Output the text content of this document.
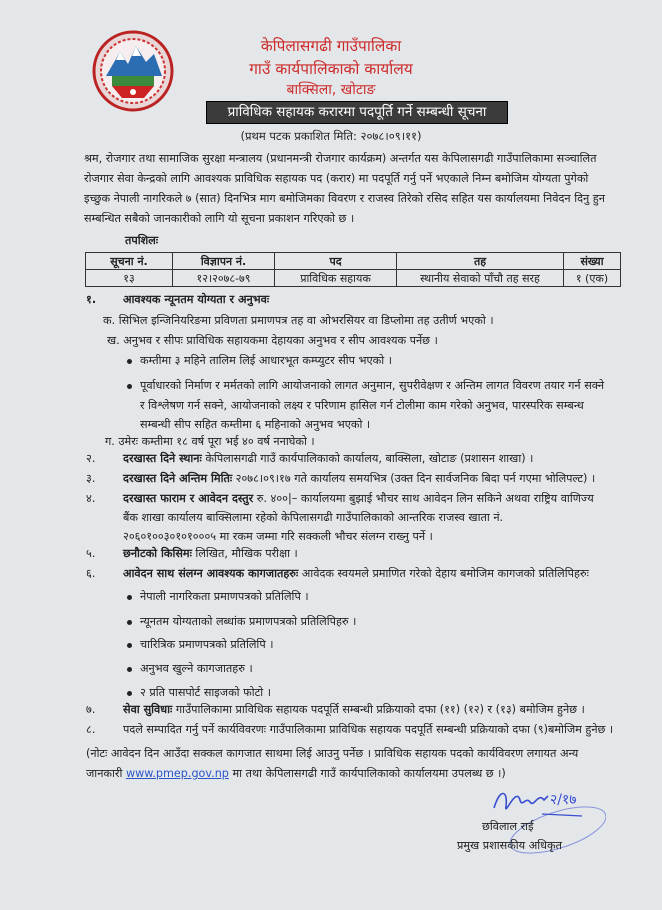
केपिलासगढी गाउँपालिका
गाउँ कार्यपालिकाको कार्यालय
बाक्सिला, खोटाङ
प्राविधिक सहायक करारमा पदपूर्ति गर्ने सम्बन्धी सूचना
(प्रथम पटक प्रकाशित मिति: २०७८।०९।११)
श्रम, रोजगार तथा सामाजिक सुरक्षा मन्त्रालय (प्रधानमन्त्री रोजगार कार्यक्रम) अन्तर्गत यस केपिलासगढी गाउँपालिकामा सञ्चालित
रोजगार सेवा केन्द्रको लागि आवश्यक प्राविधिक सहायक पद (करार) मा पदपूर्ति गर्नु पर्ने भएकाले निम्न बमोजिम योग्यता पुगेको
इच्छुक नेपाली नागरिकले ७ (सात) दिनभित्र माग बमोजिमका विवरण र राजस्व तिरेको रसिद सहित यस कार्यालयमा निवेदन दिनु हुन
सम्बन्धित सबैको जानकारीको लागि यो सूचना प्रकाशन गरिएको छ ।
तपशिलः
सूचना नं.	विज्ञापन नं.	पद	तह	संख्या
१३	१२।२०७८-७९	प्राविधिक सहायक	स्थानीय सेवाको पाँचौ तह सरह	१ (एक)
१. आवश्यक न्यूनतम योग्यता र अनुभवः
क. सिभिल इन्जिनियरिङमा प्रविणता प्रमाणपत्र तह वा ओभरसियर वा डिप्लोमा तह उतीर्ण भएको ।
ख. अनुभव र सीपः प्राविधिक सहायकमा देहायका अनुभव र सीप आवश्यक पर्नेछ ।
कम्तीमा ३ महिने तालिम लिई आधारभूत कम्प्युटर सीप भएको ।
पूर्वाधारको निर्माण र मर्मतको लागि आयोजनाको लागत अनुमान, सुपरीवेक्षण र अन्तिम लागत विवरण तयार गर्न सक्ने
र विश्लेषण गर्न सक्ने, आयोजनाको लक्ष्य र परिणाम हासिल गर्न टोलीमा काम गरेको अनुभव, पारस्परिक सम्बन्ध
सम्बन्धी सीप सहित कम्तीमा ६ महिनाको अनुभव भएको ।
ग. उमेरः कम्तीमा १८ वर्ष पूरा भई ४० वर्ष ननाघेको ।
२. दरखास्त दिने स्थानः केपिलासगढी गाउँ कार्यपालिकाको कार्यालय, बाक्सिला, खोटाङ (प्रशासन शाखा) ।
३. दरखास्त दिने अन्तिम मितिः २०७८।०९।१७ गते कार्यालय समयभित्र (उक्त दिन सार्वजनिक बिदा पर्न गएमा भोलिपल्ट) ।
४. दरखास्त फाराम र आवेदन दस्तुर रु. ४००|– कार्यालयमा बुझाई भौचर साथ आवेदन लिन सकिने अथवा राष्ट्रिय वाणिज्य
बैंक शाखा कार्यालय बाक्सिलामा रहेको केपिलासगढी गाउँपालिकाको आन्तरिक राजस्व खाता नं.
२०६०१००३०१०१०००५ मा रकम जम्मा गरि सक्कली भौचर संलग्न राख्नु पर्ने ।
५. छनौटको किसिमः लिखित, मौखिक परीक्षा ।
६. आवेदन साथ संलग्न आवश्यक कागजातहरुः आवेदक स्वयमले प्रमाणित गरेको देहाय बमोजिम कागजको प्रतिलिपिहरुः
नेपाली नागरिकता प्रमाणपत्रको प्रतिलिपि ।
न्यूनतम योग्यताको लब्धांक प्रमाणपत्रको प्रतिलिपिहरु ।
चारित्रिक प्रमाणपत्रको प्रतिलिपि ।
अनुभव खुल्ने कागजातहरु ।
२ प्रति पासपोर्ट साइजको फोटो ।
७. सेवा सुविधाः गाउँपालिकामा प्राविधिक सहायक पदपूर्ति सम्बन्धी प्रक्रियाको दफा (११) (१२) र (१३) बमोजिम हुनेछ ।
८. पदले सम्पादित गर्नु पर्ने कार्यविवरणः गाउँपालिकामा प्राविधिक सहायक पदपूर्ति सम्बन्धी प्रक्रियाको दफा (९)बमोजिम हुनेछ ।
(नोटः आवेदन दिन आउँदा सक्कल कागजात साथमा लिई आउनु पर्नेछ । प्राविधिक सहायक पदको कार्यविवरण लगायत अन्य
जानकारी www.pmep.gov.np मा तथा केपिलासगढी गाउँ कार्यपालिकाको कार्यालयमा उपलब्ध छ ।)
२/१७
छविलाल राई
प्रमुख प्रशासकीय अधिकृत
